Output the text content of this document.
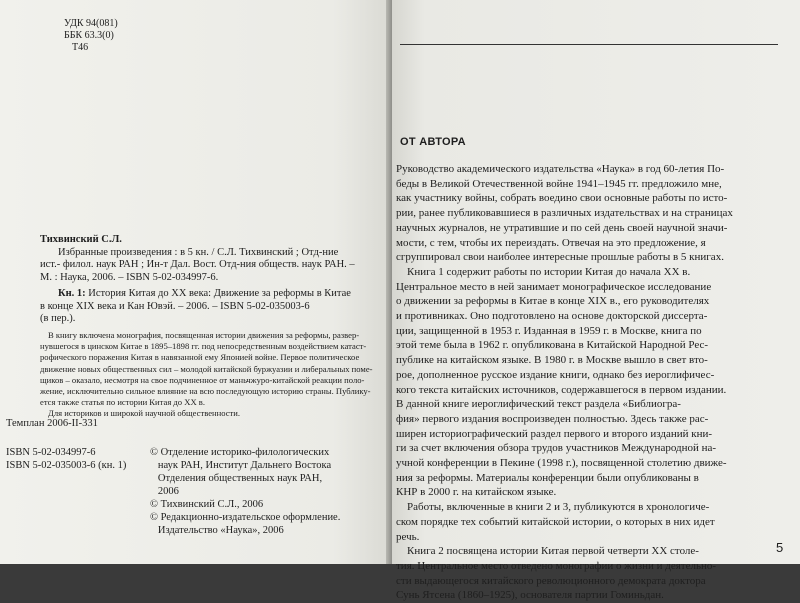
УДК 94(081)
ББК 63.3(0)
Т46
Тихвинский С.Л.
Избранные произведения : в 5 кн. / С.Л. Тихвинский ; Отд-ние
ист.- филол. наук РАН ; Ин-т Дал. Вост. Отд-ния обществ. наук РАН. –
М. : Наука, 2006. – ISBN 5-02-034997-6.
Кн. 1: История Китая до XX века: Движение за реформы в Китае
в конце XIX века и Кан Ювэй. – 2006. – ISBN 5-02-035003-6
(в пер.).
В книгу включена монография, посвященная истории движения за реформы, развер-
нувшегося в цинском Китае в 1895–1898 гг. под непосредственным воздействием катаст-
рофического поражения Китая в навязанной ему Японией войне. Первое политическое
движение новых общественных сил – молодой китайской буржуазии и либеральных поме-
щиков – оказало, несмотря на свое подчиненное от маньчжуро-китайской реакции поло-
жение, исключительно сильное влияние на всю последующую историю страны. Публику-
ется также статья по истории Китая до XX в.
Для историков и широкой научной общественности.
Темплан 2006-II-331
ISBN 5-02-034997-6
ISBN 5-02-035003-6 (кн. 1)
© Отделение историко-филологических
наук РАН, Институт Дальнего Востока
Отделения общественных наук РАН,
2006
© Тихвинский С.Л., 2006
© Редакционно-издательское оформление.
Издательство «Наука», 2006
ОТ АВТОРА
Руководство академического издательства «Наука» в год 60-летия По-
беды в Великой Отечественной войне 1941–1945 гг. предложило мне,
как участнику войны, собрать воедино свои основные работы по исто-
рии, ранее публиковавшиеся в различных издательствах и на страницах
научных журналов, не утратившие и по сей день своей научной значи-
мости, с тем, чтобы их переиздать. Отвечая на это предложение, я
сгруппировал свои наиболее интересные прошлые работы в 5 книгах.
Книга 1 содержит работы по истории Китая до начала XX в.
Центральное место в ней занимает монографическое исследование
о движении за реформы в Китае в конце XIX в., его руководителях
и противниках. Оно подготовлено на основе докторской диссерта-
ции, защищенной в 1953 г. Изданная в 1959 г. в Москве, книга по
этой теме была в 1962 г. опубликована в Китайской Народной Рес-
публике на китайском языке. В 1980 г. в Москве вышло в свет вто-
рое, дополненное русское издание книги, однако без иероглифичес-
кого текста китайских источников, содержавшегося в первом издании.
В данной книге иероглифический текст раздела «Библиогра-
фия» первого издания воспроизведен полностью. Здесь также рас-
ширен историографический раздел первого и второго изданий кни-
ги за счет включения обзора трудов участников Международной на-
учной конференции в Пекине (1998 г.), посвященной столетию движе-
ния за реформы. Материалы конференции были опубликованы в
КНР в 2000 г. на китайском языке.
Работы, включенные в книги 2 и 3, публикуются в хронологиче-
ском порядке тех событий китайской истории, о которых в них идет
речь.
Книга 2 посвящена истории Китая первой четверти XX столе-
тия. Центральное место отведено монографии о жизни и деятельно-
сти выдающегося китайского революционного демократа доктора
Сунь Ятсена (1860–1925), основателя партии Гоминьдан.
5
